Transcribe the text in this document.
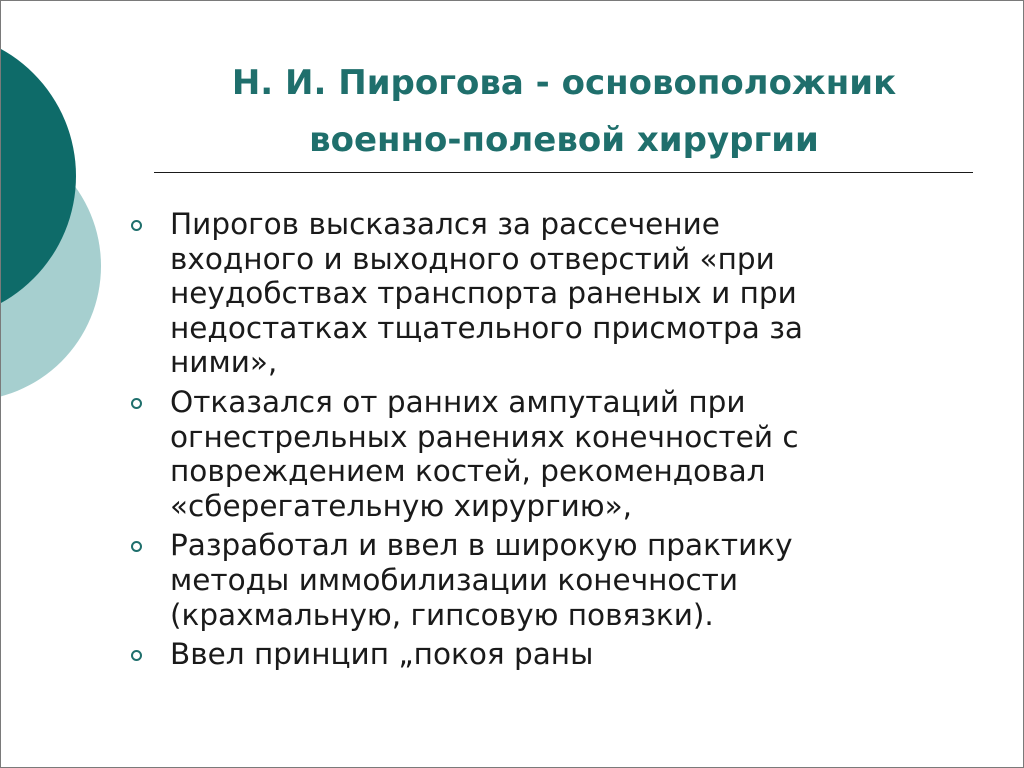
Н. И. Пирогова - основоположник
военно-полевой хирургии
Пирогов высказался за рассечение
входного и выходного отверстий «при
неудобствах транспорта раненых и при
недостатках тщательного присмотра за
ними»,
Отказался от ранних ампутаций при
огнестрельных ранениях конечностей с
повреждением костей, рекомендовал
«сберегательную хирургию»,
Разработал и ввел в широкую практику
методы иммобилизации конечности
(крахмальную, гипсовую повязки).
Ввел принцип „покоя раны
